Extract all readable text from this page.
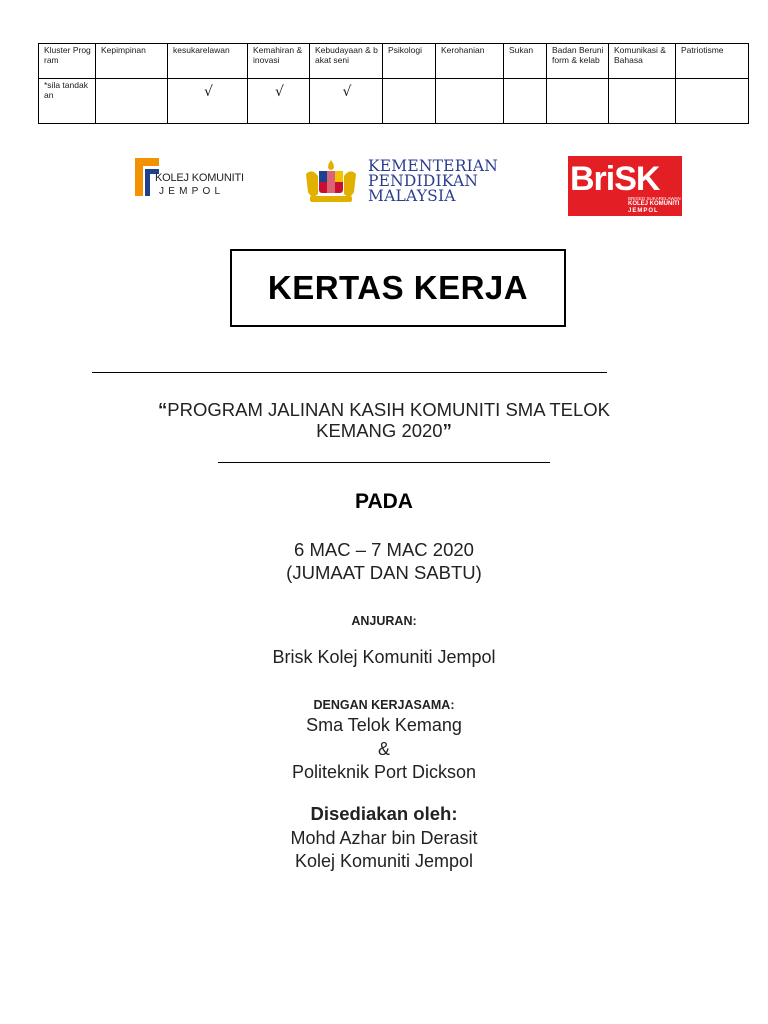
Kluster Program	Kepimpinan	kesukarelawan	Kemahiran & inovasi	Kebudayaan & bakat seni	Psikologi	Kerohanian	Sukan	Badan Beruniform & kelab	Komunikasi & Bahasa	Patriotisme
*sila tandakan		√	√	√						
KOLEJ KOMUNITI
JEMPOL
KEMENTERIAN
PENDIDIKAN
MALAYSIA	BriSK
BRIGED SUKARELAWAN
KOLEJ KOMUNITI
JEMPOL
KERTAS KERJA
“PROGRAM JALINAN KASIH KOMUNITI SMA TELOK
KEMANG 2020”
PADA
6 MAC – 7 MAC 2020
(JUMAAT DAN SABTU)
ANJURAN:
Brisk Kolej Komuniti Jempol
DENGAN KERJASAMA:
Sma Telok Kemang
&
Politeknik Port Dickson
Disediakan oleh:
Mohd Azhar bin Derasit
Kolej Komuniti Jempol
